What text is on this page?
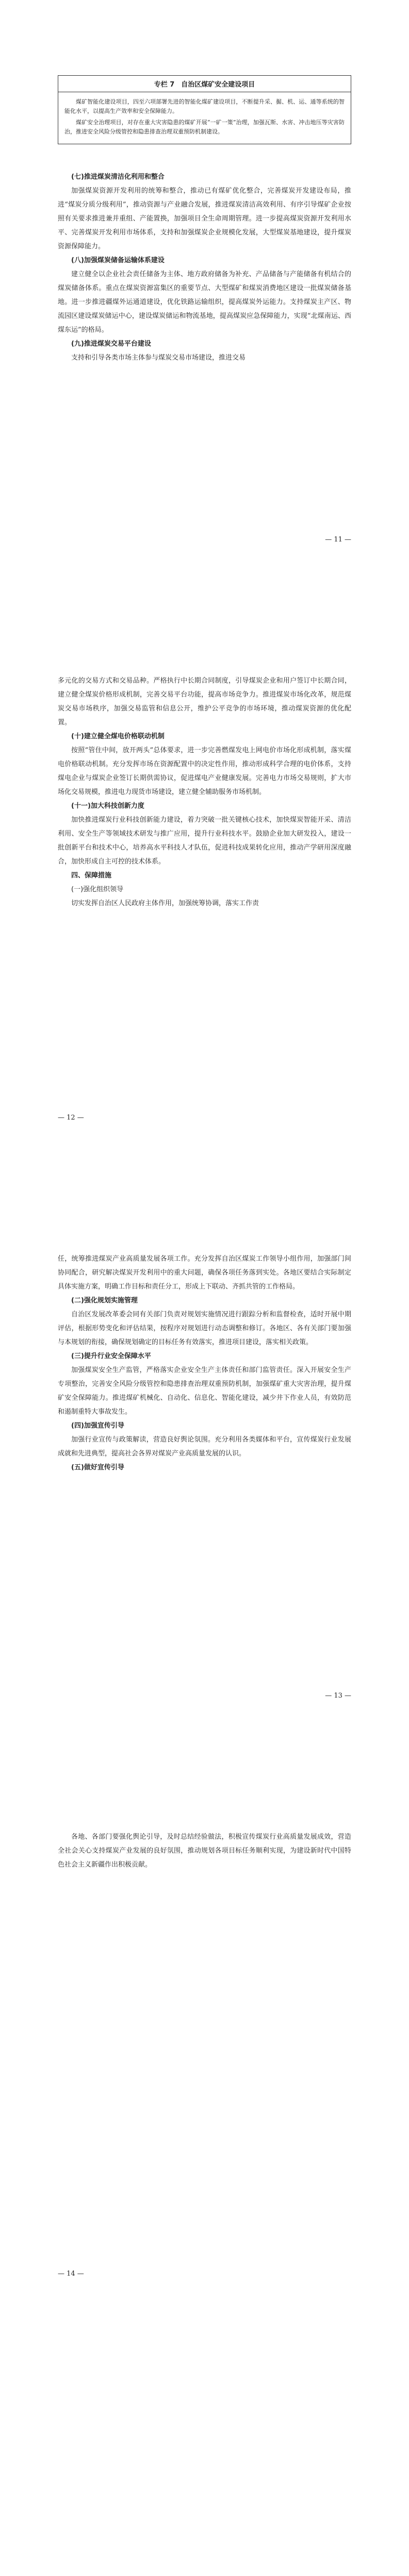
专栏 7　自治区煤矿安全建设项目

煤矿智能化建设项目，四至六项部署先进的智能化煤矿建设项目，不断提升采、掘、机、运、通等系统的智能化水平，以提高生产效率和安全保障能力。

煤矿安全治理项目，对存在重大灾害隐患的煤矿开展“一矿一策”治理，加强瓦斯、水害、冲击地压等灾害防治，推进安全风险分级管控和隐患排查治理双重预防机制建设。

(七)推进煤炭清洁化利用和整合

加强煤炭资源开发利用的统筹和整合，推动已有煤矿优化整合，完善煤炭开发建设布局，推进“煤炭分质分级利用”，推动资源与产业融合发展，推进煤炭清洁高效利用、有序引导煤矿企业按照有关要求推进兼并重组、产能置换，加强项目全生命周期管理。进一步提高煤炭资源开发利用水平、完善煤炭开发利用市场体系，支持和加强煤炭企业规模化发展，大型煤炭基地建设，提升煤炭资源保障能力。

(八)加强煤炭储备运输体系建设

建立健全以企业社会责任储备为主体、地方政府储备为补充、产品储备与产能储备有机结合的煤炭储备体系。重点在煤炭资源富集区的重要节点、大型煤矿和煤炭消费地区建设一批煤炭储备基地。进一步推进疆煤外运通道建设，优化铁路运输组织，提高煤炭外运能力。支持煤炭主产区、物流园区建设煤炭储运中心，建设煤炭储运和物流基地，提高煤炭应急保障能力，实现“北煤南运、西煤东运”的格局。

(九)推进煤炭交易平台建设

支持和引导各类市场主体参与煤炭交易市场建设，推进交易

— 11 —

多元化的交易方式和交易品种。严格执行中长期合同制度，引导煤炭企业和用户签订中长期合同，建立健全煤炭价格形成机制，完善交易平台功能，提高市场竞争力。推进煤炭市场化改革，规范煤炭交易市场秩序，加强交易监管和信息公开，维护公平竞争的市场环境，推动煤炭资源的优化配置。

(十)建立健全煤电价格联动机制

按照“管住中间，放开两头”总体要求，进一步完善燃煤发电上网电价市场化形成机制，落实煤电价格联动机制。充分发挥市场在资源配置中的决定性作用，推动形成科学合理的电价体系，支持煤电企业与煤炭企业签订长期供需协议，促进煤电产业健康发展。完善电力市场交易规则，扩大市场化交易规模，推进电力现货市场建设，建立健全辅助服务市场机制。

(十一)加大科技创新力度

加快推进煤炭行业科技创新能力建设，着力突破一批关键核心技术，加快煤炭智能开采、清洁利用、安全生产等领域技术研发与推广应用，提升行业科技水平。鼓励企业加大研发投入，建设一批创新平台和技术中心，培养高水平科技人才队伍，促进科技成果转化应用，推动产学研用深度融合，加快形成自主可控的技术体系。

四、保障措施
(一)强化组织领导

切实发挥自治区人民政府主体作用，加强统筹协调，落实工作责

— 12 —

任，统筹推进煤炭产业高质量发展各项工作。充分发挥自治区煤炭工作领导小组作用，加强部门间协同配合，研究解决煤炭开发利用中的重大问题，确保各项任务落到实处。各地区要结合实际制定具体实施方案，明确工作目标和责任分工，形成上下联动、齐抓共管的工作格局。

(二)强化规划实施管理

自治区发展改革委会同有关部门负责对规划实施情况进行跟踪分析和监督检查，适时开展中期评估，根据形势变化和评估结果，按程序对规划进行动态调整和修订。各地区、各有关部门要加强与本规划的衔接，确保规划确定的目标任务有效落实，推进项目建设，落实相关政策。

(三)提升行业安全保障水平

加强煤炭安全生产监管，严格落实企业安全生产主体责任和部门监管责任。深入开展安全生产专项整治，完善安全风险分级管控和隐患排查治理双重预防机制，加强煤矿重大灾害治理，提升煤矿安全保障能力。推进煤矿机械化、自动化、信息化、智能化建设，减少井下作业人员，有效防范和遏制重特大事故发生。

(四)加强宣传引导

加强行业宣传与政策解读，营造良好舆论氛围。充分利用各类媒体和平台，宣传煤炭行业发展成就和先进典型，提高社会各界对煤炭产业高质量发展的认识。

(五)做好宣传引导
— 13 —

各地、各部门要强化舆论引导，及时总结经验做法，积极宣传煤炭行业高质量发展成效，营造全社会关心支持煤炭产业发展的良好氛围，推动规划各项目标任务顺利实现，为建设新时代中国特色社会主义新疆作出积极贡献。

— 14 —
